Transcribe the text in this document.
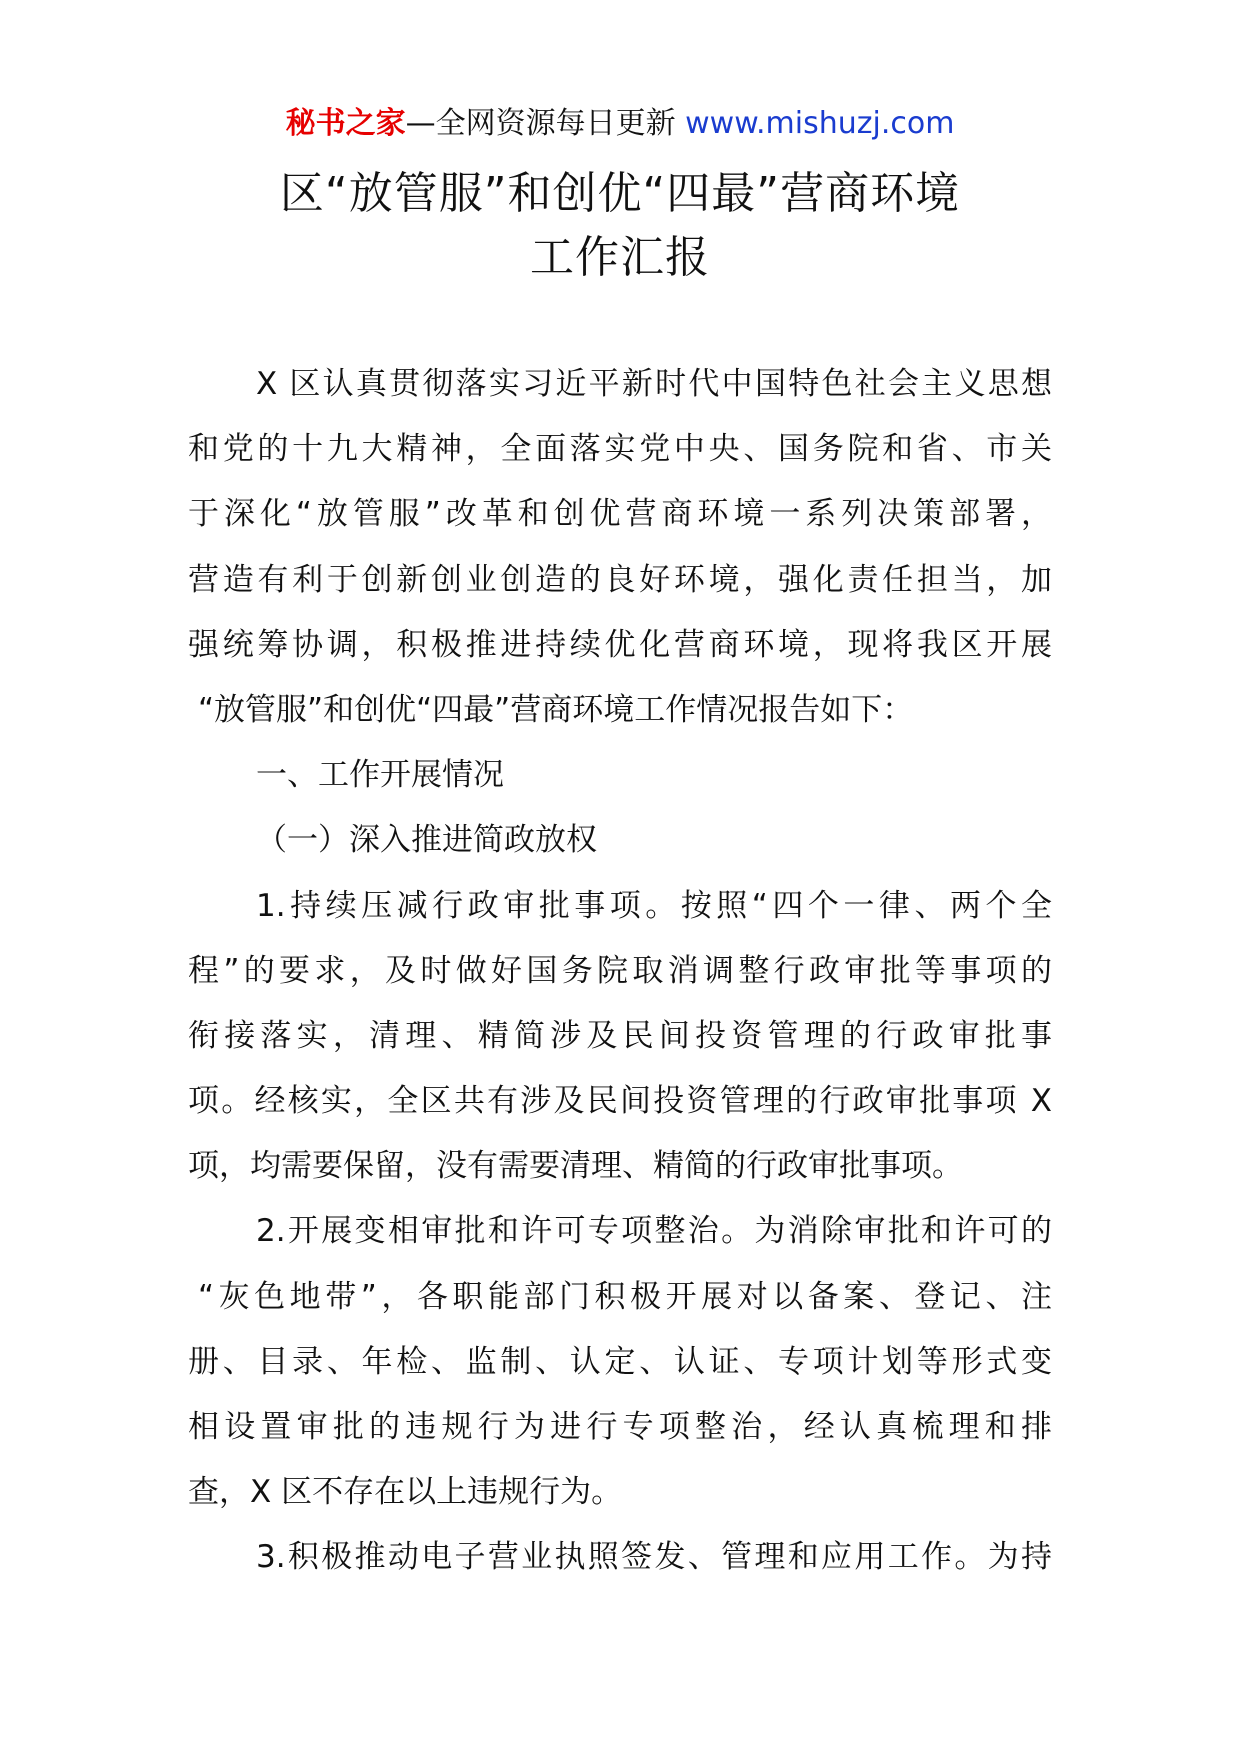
秘书之家—全网资源每日更新 www.mishuzj.com
区“放管服”和创优“四最”营商环境
工作汇报
X 区认真贯彻落实习近平新时代中国特色社会主义思想
和党的十九大精神，全面落实党中央、国务院和省、市关
于深化“放管服”改革和创优营商环境一系列决策部署，
营造有利于创新创业创造的良好环境，强化责任担当，加
强统筹协调，积极推进持续优化营商环境，现将我区开展
“放管服”和创优“四最”营商环境工作情况报告如下：
一、工作开展情况
（一）深入推进简政放权
1.持续压减行政审批事项。按照“四个一律、两个全
程”的要求，及时做好国务院取消调整行政审批等事项的
衔接落实，清理、精简涉及民间投资管理的行政审批事
项。经核实，全区共有涉及民间投资管理的行政审批事项 X
项，均需要保留，没有需要清理、精简的行政审批事项。
2.开展变相审批和许可专项整治。为消除审批和许可的
“灰色地带”，各职能部门积极开展对以备案、登记、注
册、目录、年检、监制、认定、认证、专项计划等形式变
相设置审批的违规行为进行专项整治，经认真梳理和排
查，X 区不存在以上违规行为。
3.积极推动电子营业执照签发、管理和应用工作。为持
